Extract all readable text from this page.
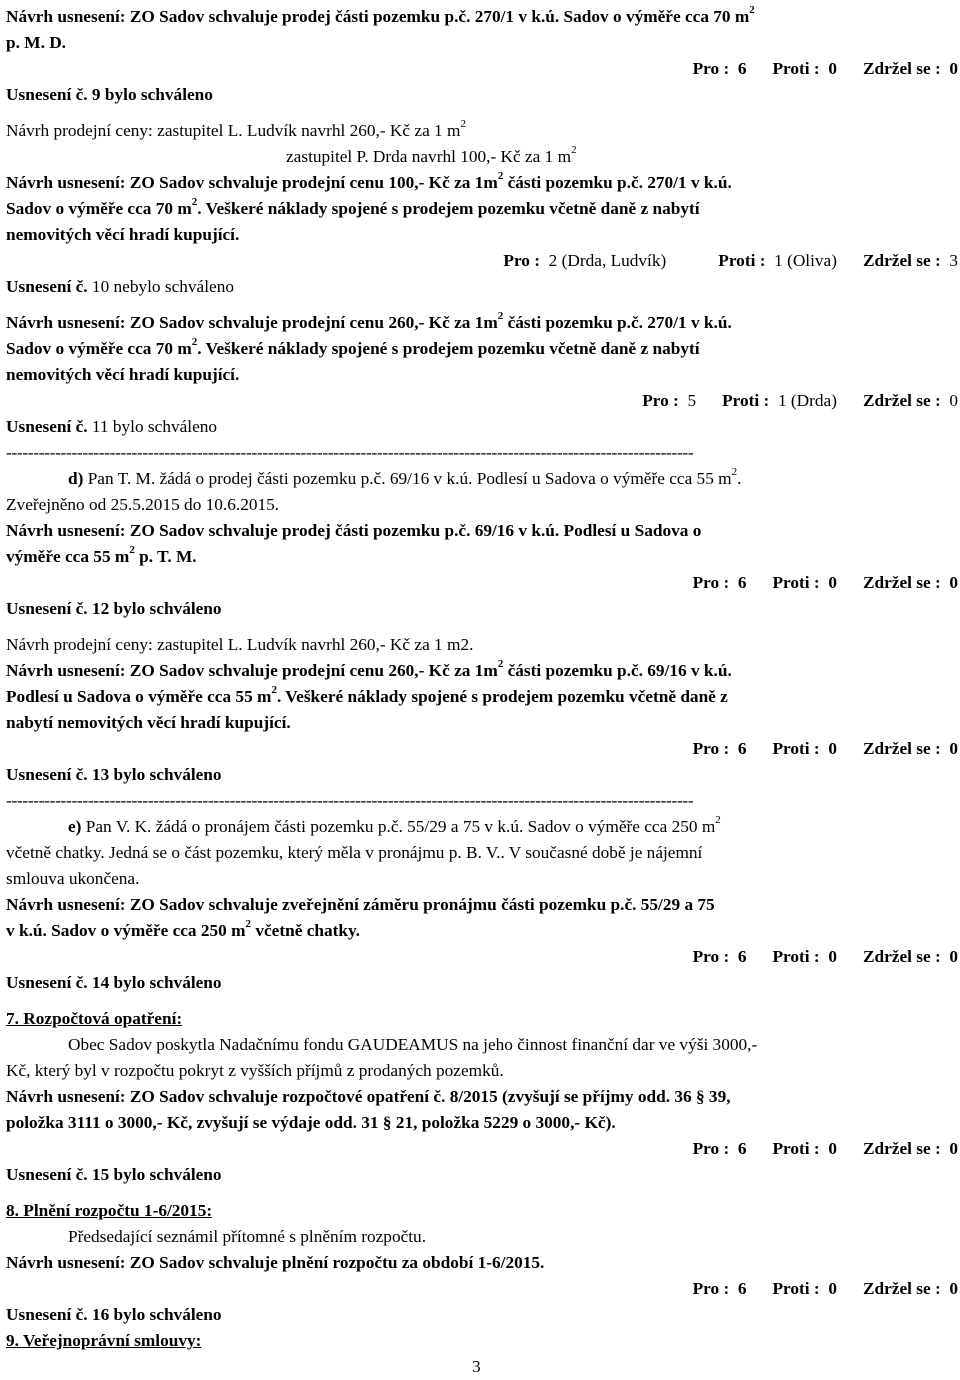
Návrh usnesení: ZO Sadov schvaluje prodej části pozemku p.č. 270/1 v k.ú. Sadov o výměře cca 70 $m^2$
p. M. D.
Pro :
6 Proti :
0 Zdržel se :
0
Usnesení č. 9 bylo schváleno
Návrh prodejní ceny: zastupitel L. Ludvík navrhl 260,- Kč za 1 $m^2$
zastupitel P. Drda navrhl 100,- Kč za 1 $m^2$
Návrh usnesení: ZO Sadov schvaluje prodejní cenu 100,- Kč za $1m^2$ části pozemku p.č. 270/1 v k.ú.
Sadov o výměře cca 70 $m^2$. Veškeré náklady spojené s prodejem pozemku včetně daně z nabytí
nemovitých věcí hradí kupující.
Pro :
2
(Drda, Ludvík)	Proti :
1
(Oliva) Zdržel se :
3
Usnesení č. 10 nebylo schváleno
Návrh usnesení: ZO Sadov schvaluje prodejní cenu 260,- Kč za $1m^2$ části pozemku p.č. 270/1 v k.ú.
Sadov o výměře cca 70 $m^2$. Veškeré náklady spojené s prodejem pozemku včetně daně z nabytí
nemovitých věcí hradí kupující.
Pro :
5 Proti :
1
(Drda) Zdržel se :
0
Usnesení č. 11 bylo schváleno
------------------------------------------------------------------------------------------------------------------------------
d) Pan T. M. žádá o prodej části pozemku p.č. 69/16 v k.ú. Podlesí u Sadova o výměře cca 55 $m^2$.
Zveřejněno od 25.5.2015 do 10.6.2015.
Návrh usnesení: ZO Sadov schvaluje prodej části pozemku p.č. 69/16 v k.ú. Podlesí u Sadova o
výměře cca 55 $m^2$ p. T. M.
Pro :
6 Proti :
0 Zdržel se :
0
Usnesení č. 12 bylo schváleno
Návrh prodejní ceny: zastupitel L. Ludvík navrhl 260,- Kč za 1 m2.
Návrh usnesení: ZO Sadov schvaluje prodejní cenu 260,- Kč za $1m^2$ části pozemku p.č. 69/16 v k.ú.
Podlesí u Sadova o výměře cca 55 $m^2$. Veškeré náklady spojené s prodejem pozemku včetně daně z
nabytí nemovitých věcí hradí kupující.
Pro :
6 Proti :
0 Zdržel se :
0
Usnesení č. 13 bylo schváleno
------------------------------------------------------------------------------------------------------------------------------
e) Pan V. K. žádá o pronájem části pozemku p.č. 55/29 a 75 v k.ú. Sadov o výměře cca 250 $m^2$
včetně chatky. Jedná se o část pozemku, který měla v pronájmu p. B. V.. V současné době je nájemní
smlouva ukončena.
Návrh usnesení: ZO Sadov schvaluje zveřejnění záměru pronájmu části pozemku p.č. 55/29 a 75
v k.ú. Sadov o výměře cca 250 $m^2$ včetně chatky.
Pro :
6 Proti :
0 Zdržel se :
0
Usnesení č. 14 bylo schváleno
7. Rozpočtová opatření:
Obec Sadov poskytla Nadačnímu fondu GAUDEAMUS na jeho činnost finanční dar ve výši 3000,-
Kč, který byl v rozpočtu pokryt z vyšších příjmů z prodaných pozemků.
Návrh usnesení: ZO Sadov schvaluje rozpočtové opatření č. 8/2015 (zvyšují se příjmy odd. 36 § 39,
položka 3111 o 3000,- Kč, zvyšují se výdaje odd. 31 § 21, položka 5229 o 3000,- Kč).
Pro :
6 Proti :
0 Zdržel se :
0
Usnesení č. 15 bylo schváleno
8. Plnění rozpočtu 1-6/2015:
Předsedající seznámil přítomné s plněním rozpočtu.
Návrh usnesení: ZO Sadov schvaluje plnění rozpočtu za období 1-6/2015.
Pro :
6 Proti :
0 Zdržel se :
0
Usnesení č. 16 bylo schváleno
9. Veřejnoprávní smlouvy:
3
